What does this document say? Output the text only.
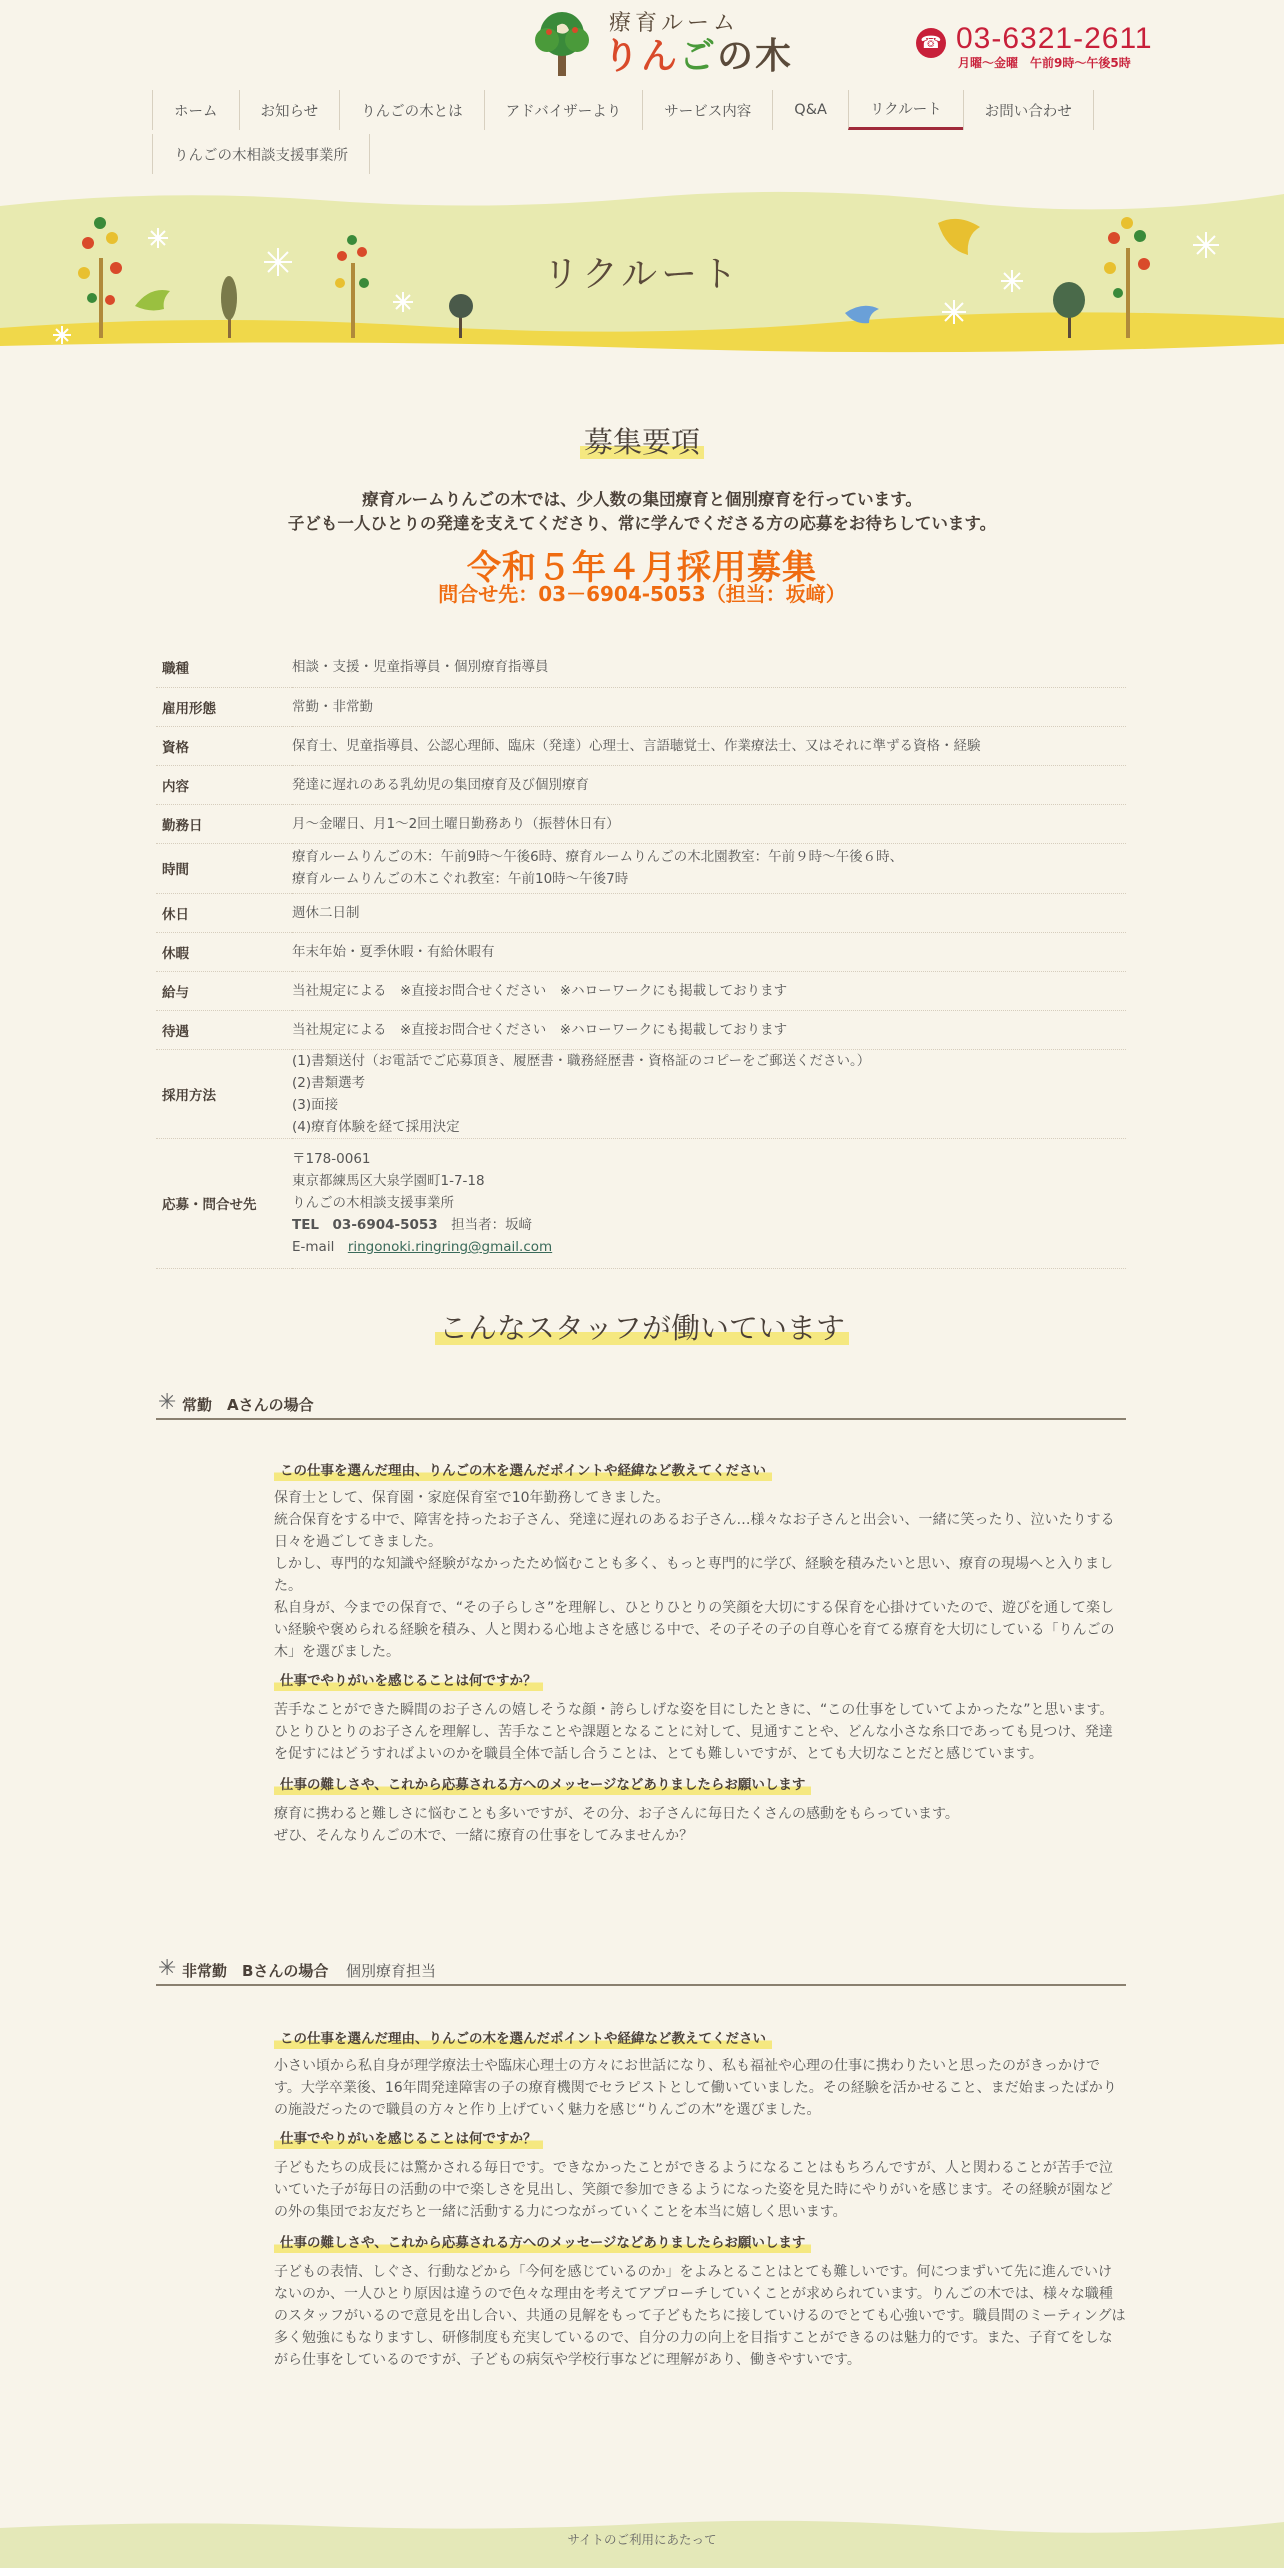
療育ルーム
りんごの木	☎ 03-6321-2611
月曜～金曜　午前9時～午後5時
ホーム	お知らせ	りんごの木とは	アドバイザーより	サービス内容	Q&A	リクルート	お問い合わせ
りんごの木相談支援事業所
リクルート
募集要項

療育ルームりんごの木では、少人数の集団療育と個別療育を行っています。

子ども一人ひとりの発達を支えてくださり、常に学んでくださる方の応募をお待ちしています。

令和５年４月採用募集
問合せ先：03－6904-5053（担当：坂﨑）
職種	相談・支援・児童指導員・個別療育指導員
雇用形態	常勤・非常勤
資格	保育士、児童指導員、公認心理師、臨床（発達）心理士、言語聴覚士、作業療法士、又はそれに準ずる資格・経験
内容	発達に遅れのある乳幼児の集団療育及び個別療育
勤務日	月～金曜日、月1～2回土曜日勤務あり（振替休日有）
時間	療育ルームりんごの木：午前9時～午後6時、療育ルームりんごの木北園教室：午前９時～午後６時、
療育ルームりんごの木こぐれ教室：午前10時～午後7時

休日	週休二日制
休暇	年末年始・夏季休暇・有給休暇有
給与	当社規定による　※直接お問合せください　※ハローワークにも掲載しております
待遇	当社規定による　※直接お問合せください　※ハローワークにも掲載しております
採用方法	(1)書類送付（お電話でご応募頂き、履歴書・職務経歴書・資格証のコピーをご郵送ください。）
(2)書類選考
(3)面接
(4)療育体験を経て採用決定

応募・問合せ先	〒178-0061
東京都練馬区大泉学園町1-7-18
りんごの木相談支援事業所
TEL　03-6904-5053　担当者：坂﨑
E-mail　ringonoki.ringring@gmail.com
こんなスタッフが働いています
✳ 常勤　Aさんの場合
この仕事を選んだ理由、りんごの木を選んだポイントや経緯など教えてください

保育士として、保育園・家庭保育室で10年勤務してきました。

統合保育をする中で、障害を持ったお子さん、発達に遅れのあるお子さん…様々なお子さんと出会い、一緒に笑ったり、泣いたりする日々を過ごしてきました。

しかし、専門的な知識や経験がなかったため悩むことも多く、もっと専門的に学び、経験を積みたいと思い、療育の現場へと入りました。

私自身が、今までの保育で、“その子らしさ”を理解し、ひとりひとりの笑顔を大切にする保育を心掛けていたので、遊びを通して楽しい経験や褒められる経験を積み、人と関わる心地よさを感じる中で、その子その子の自尊心を育てる療育を大切にしている「りんごの木」を選びました。

仕事でやりがいを感じることは何ですか？
苦手なことができた瞬間のお子さんの嬉しそうな顔・誇らしげな姿を目にしたときに、“この仕事をしていてよかったな”と思います。ひとりひとりのお子さんを理解し、苦手なことや課題となることに対して、見通すことや、どんな小さな糸口であっても見つけ、発達を促すにはどうすればよいのかを職員全体で話し合うことは、とても難しいですが、とても大切なことだと感じています。
仕事の難しさや、これから応募される方へのメッセージなどありましたらお願いします

療育に携わると難しさに悩むことも多いですが、その分、お子さんに毎日たくさんの感動をもらっています。

ぜひ、そんなりんごの木で、一緒に療育の仕事をしてみませんか？

✳ 非常勤　Bさんの場合 個別療育担当
この仕事を選んだ理由、りんごの木を選んだポイントや経緯など教えてください
小さい頃から私自身が理学療法士や臨床心理士の方々にお世話になり、私も福祉や心理の仕事に携わりたいと思ったのがきっかけです。大学卒業後、16年間発達障害の子の療育機関でセラピストとして働いていました。その経験を活かせること、まだ始まったばかりの施設だったので職員の方々と作り上げていく魅力を感じ“りんごの木”を選びました。
仕事でやりがいを感じることは何ですか？
子どもたちの成長には驚かされる毎日です。できなかったことができるようになることはもちろんですが、人と関わることが苦手で泣いていた子が毎日の活動の中で楽しさを見出し、笑顔で参加できるようになった姿を見た時にやりがいを感じます。その経験が園などの外の集団でお友だちと一緒に活動する力につながっていくことを本当に嬉しく思います。
仕事の難しさや、これから応募される方へのメッセージなどありましたらお願いします
子どもの表情、しぐさ、行動などから「今何を感じているのか」をよみとることはとても難しいです。何につまずいて先に進んでいけないのか、一人ひとり原因は違うので色々な理由を考えてアプローチしていくことが求められています。りんごの木では、様々な職種のスタッフがいるので意見を出し合い、共通の見解をもって子どもたちに接していけるのでとても心強いです。職員間のミーティングは多く勉強にもなりますし、研修制度も充実しているので、自分の力の向上を目指すことができるのは魅力的です。また、子育てをしながら仕事をしているのですが、子どもの病気や学校行事などに理解があり、働きやすいです。
サイトのご利用にあたって
